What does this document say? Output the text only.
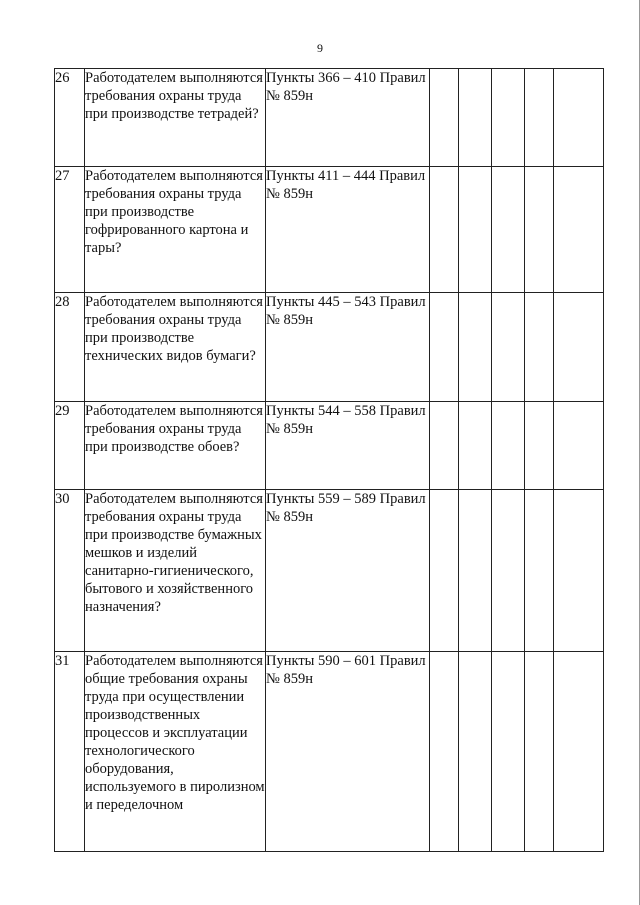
9
26	Работодателем выполняются требования охраны труда при производстве тетрадей?	Пункты 366 – 410 Правил № 859н					
27	Работодателем выполняются требования охраны труда при производстве гофрированного картона и тары?	Пункты 411 – 444 Правил № 859н					
28	Работодателем выполняются требования охраны труда при производстве технических видов бумаги?	Пункты 445 – 543 Правил № 859н					
29	Работодателем выполняются требования охраны труда при производстве обоев?	Пункты 544 – 558 Правил № 859н					
30	Работодателем выполняются требования охраны труда при производстве бумажных мешков и изделий санитарно-гигиенического, бытового и хозяйственного назначения?	Пункты 559 – 589 Правил № 859н					
31	Работодателем выполняются общие требования охраны труда при осуществлении производственных процессов и эксплуатации технологического оборудования, используемого в пиролизном и переделочном	Пункты 590 – 601 Правил № 859н					
